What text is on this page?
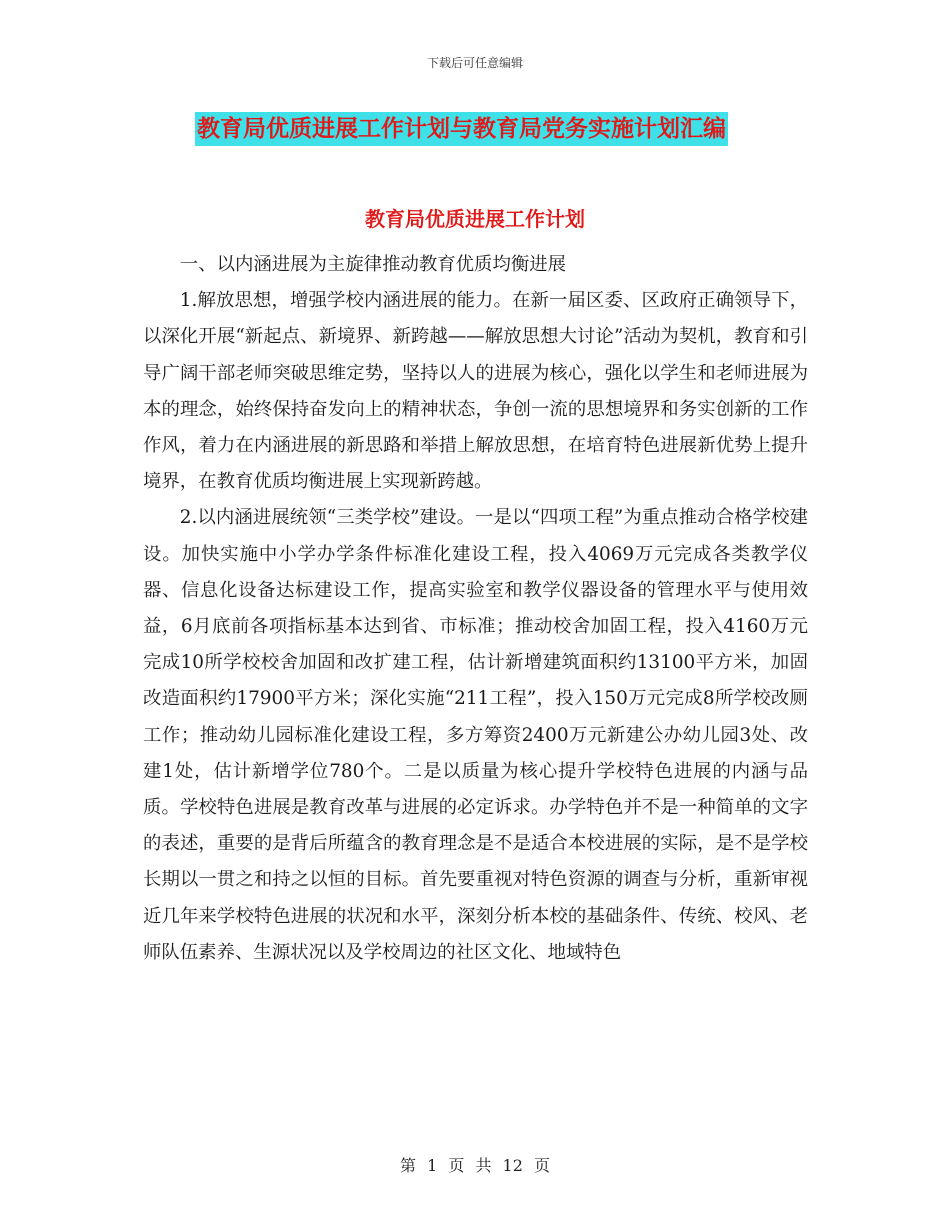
下载后可任意编辑
教育局优质进展工作计划与教育局党务实施计划汇编
教育局优质进展工作计划

一、以内涵进展为主旋律推动教育优质均衡进展

1.解放思想，增强学校内涵进展的能力。在新一届区委、区政府正确领导下，以深化开展“新起点、新境界、新跨越——解放思想大讨论”活动为契机，教育和引导广阔干部老师突破思维定势，坚持以人的进展为核心，强化以学生和老师进展为本的理念，始终保持奋发向上的精神状态，争创一流的思想境界和务实创新的工作作风，着力在内涵进展的新思路和举措上解放思想，在培育特色进展新优势上提升境界，在教育优质均衡进展上实现新跨越。

2.以内涵进展统领“三类学校”建设。一是以“四项工程”为重点推动合格学校建设。加快实施中小学办学条件标准化建设工程，投入4069万元完成各类教学仪器、信息化设备达标建设工作，提高实验室和教学仪器设备的管理水平与使用效益，6月底前各项指标基本达到省、市标准；推动校舍加固工程，投入4160万元完成10所学校校舍加固和改扩建工程，估计新增建筑面积约13100平方米，加固改造面积约17900平方米；深化实施“211工程”，投入150万元完成8所学校改厕工作；推动幼儿园标准化建设工程，多方筹资2400万元新建公办幼儿园3处、改建1处，估计新增学位780个。二是以质量为核心提升学校特色进展的内涵与品质。学校特色进展是教育改革与进展的必定诉求。办学特色并不是一种简单的文字的表述，重要的是背后所蕴含的教育理念是不是适合本校进展的实际，是不是学校长期以一贯之和持之以恒的目标。首先要重视对特色资源的调查与分析，重新审视近几年来学校特色进展的状况和水平，深刻分析本校的基础条件、传统、校风、老师队伍素养、生源状况以及学校周边的社区文化、地域特色

第 1 页 共 12 页
